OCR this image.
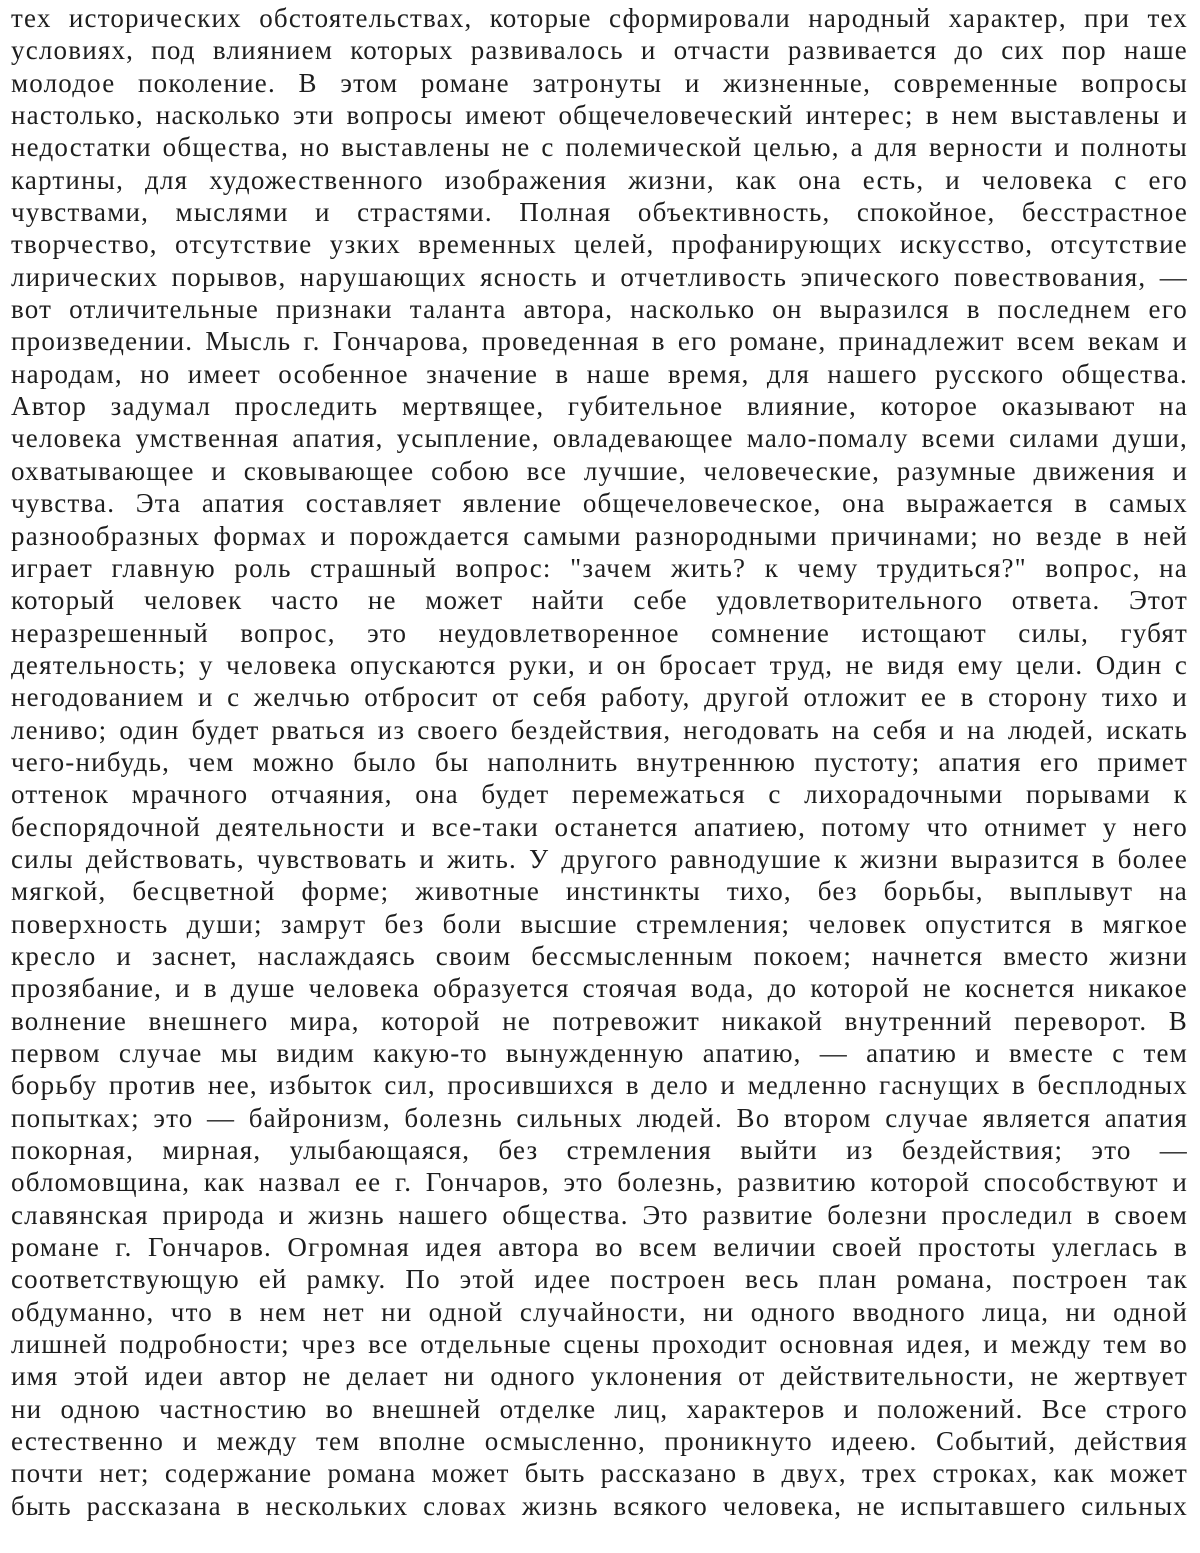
тех исторических обстоятельствах, которые сформировали народный характер, при тех
условиях, под влиянием которых развивалось и отчасти развивается до сих пор наше
молодое поколение. В этом романе затронуты и жизненные, современные вопросы
настолько, насколько эти вопросы имеют общечеловеческий интерес; в нем выставлены и
недостатки общества, но выставлены не с полемической целью, а для верности и полноты
картины, для художественного изображения жизни, как она есть, и человека с его
чувствами, мыслями и страстями. Полная объективность, спокойное, бесстрастное
творчество, отсутствие узких временных целей, профанирующих искусство, отсутствие
лирических порывов, нарушающих ясность и отчетливость эпического повествования, —
вот отличительные признаки таланта автора, насколько он выразился в последнем его
произведении. Мысль г. Гончарова, проведенная в его романе, принадлежит всем векам и
народам, но имеет особенное значение в наше время, для нашего русского общества.
Автор задумал проследить мертвящее, губительное влияние, которое оказывают на
человека умственная апатия, усыпление, овладевающее мало-помалу всеми силами души,
охватывающее и сковывающее собою все лучшие, человеческие, разумные движения и
чувства. Эта апатия составляет явление общечеловеческое, она выражается в самых
разнообразных формах и порождается самыми разнородными причинами; но везде в ней
играет главную роль страшный вопрос: "зачем жить? к чему трудиться?" вопрос, на
который человек часто не может найти себе удовлетворительного ответа. Этот
неразрешенный вопрос, это неудовлетворенное сомнение истощают силы, губят
деятельность; у человека опускаются руки, и он бросает труд, не видя ему цели. Один с
негодованием и с желчью отбросит от себя работу, другой отложит ее в сторону тихо и
лениво; один будет рваться из своего бездействия, негодовать на себя и на людей, искать
чего-нибудь, чем можно было бы наполнить внутреннюю пустоту; апатия его примет
оттенок мрачного отчаяния, она будет перемежаться с лихорадочными порывами к
беспорядочной деятельности и все-таки останется апатиею, потому что отнимет у него
силы действовать, чувствовать и жить. У другого равнодушие к жизни выразится в более
мягкой, бесцветной форме; животные инстинкты тихо, без борьбы, выплывут на
поверхность души; замрут без боли высшие стремления; человек опустится в мягкое
кресло и заснет, наслаждаясь своим бессмысленным покоем; начнется вместо жизни
прозябание, и в душе человека образуется стоячая вода, до которой не коснется никакое
волнение внешнего мира, которой не потревожит никакой внутренний переворот. В
первом случае мы видим какую-то вынужденную апатию, — апатию и вместе с тем
борьбу против нее, избыток сил, просившихся в дело и медленно гаснущих в бесплодных
попытках; это — байронизм, болезнь сильных людей. Во втором случае является апатия
покорная, мирная, улыбающаяся, без стремления выйти из бездействия; это —
обломовщина, как назвал ее г. Гончаров, это болезнь, развитию которой способствуют и
славянская природа и жизнь нашего общества. Это развитие болезни проследил в своем
романе г. Гончаров. Огромная идея автора во всем величии своей простоты улеглась в
соответствующую ей рамку. По этой идее построен весь план романа, построен так
обдуманно, что в нем нет ни одной случайности, ни одного вводного лица, ни одной
лишней подробности; чрез все отдельные сцены проходит основная идея, и между тем во
имя этой идеи автор не делает ни одного уклонения от действительности, не жертвует
ни одною частностию во внешней отделке лиц, характеров и положений. Все строго
естественно и между тем вполне осмысленно, проникнуто идеею. Событий, действия
почти нет; содержание романа может быть рассказано в двух, трех строках, как может
быть рассказана в нескольких словах жизнь всякого человека, не испытавшего сильных
